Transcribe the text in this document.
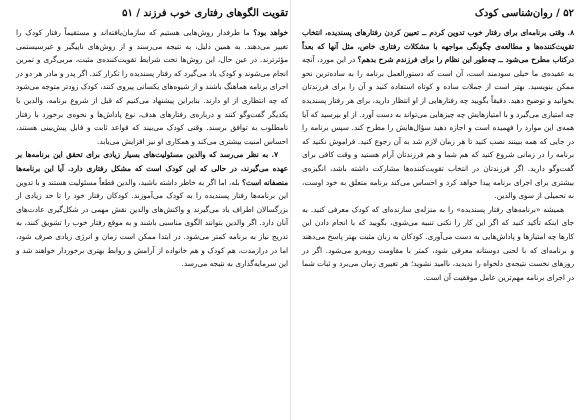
۵۲ / روان‌شناسی کودک

۸. وقتی برنامه‌ای برای رفتار خوب تدوین کردم ــ تعیین کردن رفتارهای پسندیده، انتخاب تقویت‌کننده‌ها و مطالعه‌ی چگونگی مواجهه با مشکلات رفتاری خاص، مثل آنها که بعداً درکتاب مطرح می‌شود ــ چه‌طور این نظام را برای فرزندم شرح بدهم؟ در این مورد، آنچه به عقیده‌ی ما خیلی سودمند است، آن است که دستورالعمل برنامه را به ساده‌ترین نحو ممکن بنویسید. بهتر است از جملات ساده و کوتاه استفاده کنید و آن را برای فرزندتان بخوانید و توضیح دهید. دقیقاً بگویید چه رفتارهایی از او انتظار دارید، برای هر رفتار پسندیده چه امتیازی می‌گیرد و با امتیازهایش چه چیزهایی می‌تواند به دست آورد. از او بپرسید که آیا همه‌ی این موارد را فهمیده است و اجازه دهید سؤال‌هایش را مطرح کند. سپس برنامه را در جایی که همه ببینند نصب کنید تا هر زمان لازم شد به آن رجوع کنید. فراموش نکنید که برنامه را در زمانی شروع کنید که هم شما و هم فرزندتان آرام هستید و وقت کافی برای گفت‌وگو دارید. اگر فرزندتان در انتخاب تقویت‌کننده‌ها مشارکت داشته باشد، انگیزه‌ی بیشتری برای اجرای برنامه پیدا خواهد کرد و احساس می‌کند برنامه متعلق به خود اوست، نه تحمیلی از سوی والدین.

همیشه «برنامه‌های رفتار پسندیده» را به منزله‌ی سازنده‌ای که کودک معرفی کنید. به جای اینکه تأکید کنید که اگر این کار را نکنی تنبیه می‌شوی، بگویید که با انجام دادن این کارها چه امتیازها و پاداش‌هایی به دست می‌آوری. کودکان به زبان مثبت بهتر پاسخ می‌دهند و برنامه‌ای که با لحنی دوستانه معرفی شود، کمتر با مقاومت روبه‌رو می‌شود. اگر در روزهای نخست نتیجه‌ی دلخواه را ندیدید، ناامید نشوید؛ هر تغییری زمان می‌برد و ثبات شما در اجرای برنامه مهم‌ترین عامل موفقیت آن است.

تقویت الگوهای رفتاری خوب فرزند / ۵۱

خواهد بود؟ ما طرفدار روش‌هایی هستیم که سازمان‌یافته‌اند و مستقیماً رفتار کودک را تغییر می‌دهند. به همین دلیل، به نتیجه می‌رسند و از روش‌های ناپیگیر و غیرسیستمی مؤثرترند. در عین حال، این روش‌ها تحت شرایط تقویت‌کننده‌ی مثبت، مربی‌گری و تمرین انجام می‌شوند و کودک یاد می‌گیرد که رفتار پسندیده را تکرار کند. اگر پدر و مادر هر دو در اجرای برنامه هماهنگ باشند و از شیوه‌های یکسانی پیروی کنند، کودک زودتر متوجه می‌شود که چه انتظاری از او دارند. بنابراین پیشنهاد می‌کنیم که قبل از شروع برنامه، والدین با یکدیگر گفت‌وگو کنند و درباره‌ی رفتارهای هدف، نوع پاداش‌ها و نحوه‌ی برخورد با رفتار نامطلوب به توافق برسند. وقتی کودک می‌بیند که قواعد ثابت و قابل پیش‌بینی هستند، احساس امنیت بیشتری می‌کند و همکاری او نیز افزایش می‌یابد.

۷. به نظر می‌رسد که والدین مسئولیت‌های بسیار زیادی برای تحقق این برنامه‌ها بر عهده می‌گیرند، در حالی که این کودک است که مشکل رفتاری دارد. آیا این برنامه‌ها منصفانه است؟ بله، اما اگر به خاطر داشته باشید، والدین قطعاً مسئولیت هستند و با تدوین این برنامه‌ها رفتار پسندیده را به کودک می‌آموزند. کودکان رفتار خود را تا حد زیادی از بزرگسالان اطراف یاد می‌گیرند و واکنش‌های والدین نقش مهمی در شکل‌گیری عادت‌های آنان دارد. اگر والدین بتوانند الگوی مناسبی باشند و به موقع رفتار خوب را تشویق کنند، به تدریج نیاز به برنامه کمتر می‌شود. در ابتدا ممکن است زمان و انرژی زیادی صرف شود، اما در درازمدت، هم کودک و هم خانواده از آرامش و روابط بهتری برخوردار خواهند شد و این سرمایه‌گذاری به نتیجه می‌رسد.
